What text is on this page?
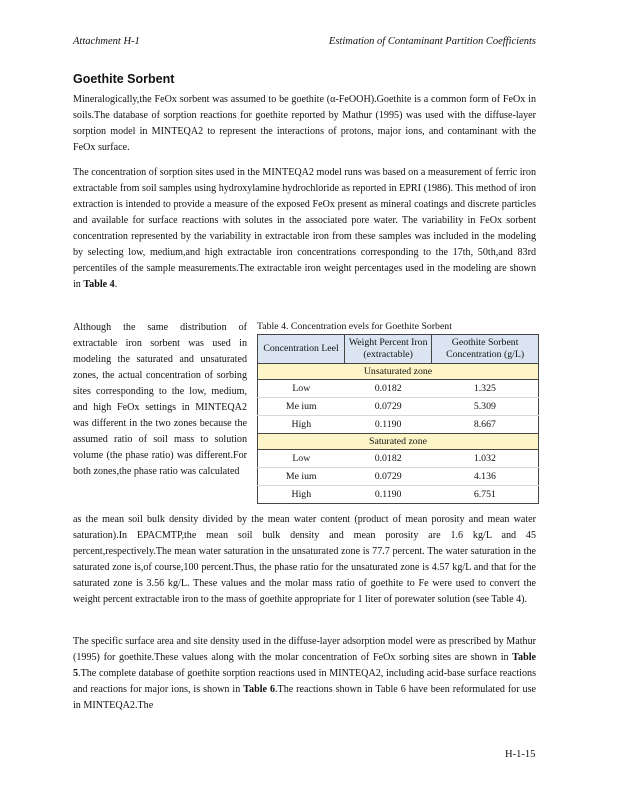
Attachment H-1	Estimation of Contaminant Partition Coefficients
Goethite Sorbent

Mineralogically,the FeOx sorbent was assumed to be goethite (α-FeOOH).Goethite is a common form of FeOx in soils.The database of sorption reactions for goethite reported by Mathur (1995) was used with the diffuse-layer sorption model in MINTEQA2 to represent the interactions of protons, major ions, and contaminant with the FeOx surface.

The concentration of sorption sites used in the MINTEQA2 model runs was based on a measurement of ferric iron extractable from soil samples using hydroxylamine hydrochloride as reported in EPRI (1986). This method of iron extraction is intended to provide a measure of the exposed FeOx present as mineral coatings and discrete particles and available for surface reactions with solutes in the associated pore water. The variability in FeOx sorbent concentration represented by the variability in extractable iron from these samples was included in the modeling by selecting low, medium,and high extractable iron concentrations corresponding to the 17th, 50th,and 83rd percentiles of the sample measurements.The extractable iron weight percentages used in the modeling are shown in Table 4.

Although the same distribution of extractable iron sorbent was used in modeling the saturated and unsaturated zones, the actual concentration of sorbing sites corresponding to the low, medium, and high FeOx settings in MINTEQA2 was different in the two zones because the assumed ratio of soil mass to solution volume (the phase ratio) was different.For both zones,the phase ratio was calculated

Table 4. Concentration evels for Goethite Sorbent
Concentration Leel	Weight Percent Iron (extractable)	Geothite Sorbent Concentration (g/L)
Unsaturated zone		
Low	0.0182	1.325
Me ium	0.0729	5.309
High	0.1190	8.667
Saturated zone		
Low	0.0182	1.032
Me ium	0.0729	4.136
High	0.1190	6.751

as the mean soil bulk density divided by the mean water content (product of mean porosity and mean water saturation).In EPACMTP,the mean soil bulk density and mean porosity are 1.6 kg/L and 45 percent,respectively.The mean water saturation in the unsaturated zone is 77.7 percent. The water saturation in the saturated zone is,of course,100 percent.Thus, the phase ratio for the unsaturated zone is 4.57 kg/L and that for the saturated zone is 3.56 kg/L. These values and the molar mass ratio of goethite to Fe were used to convert the weight percent extractable iron to the mass of goethite appropriate for 1 liter of porewater solution (see Table 4).

The specific surface area and site density used in the diffuse-layer adsorption model were as prescribed by Mathur (1995) for goethite.These values along with the molar concentration of FeOx sorbing sites are shown in Table 5.The complete database of goethite sorption reactions used in MINTEQA2, including acid-base surface reactions and reactions for major ions, is shown in Table 6.The reactions shown in Table 6 have been reformulated for use in MINTEQA2.The

H-1-15
